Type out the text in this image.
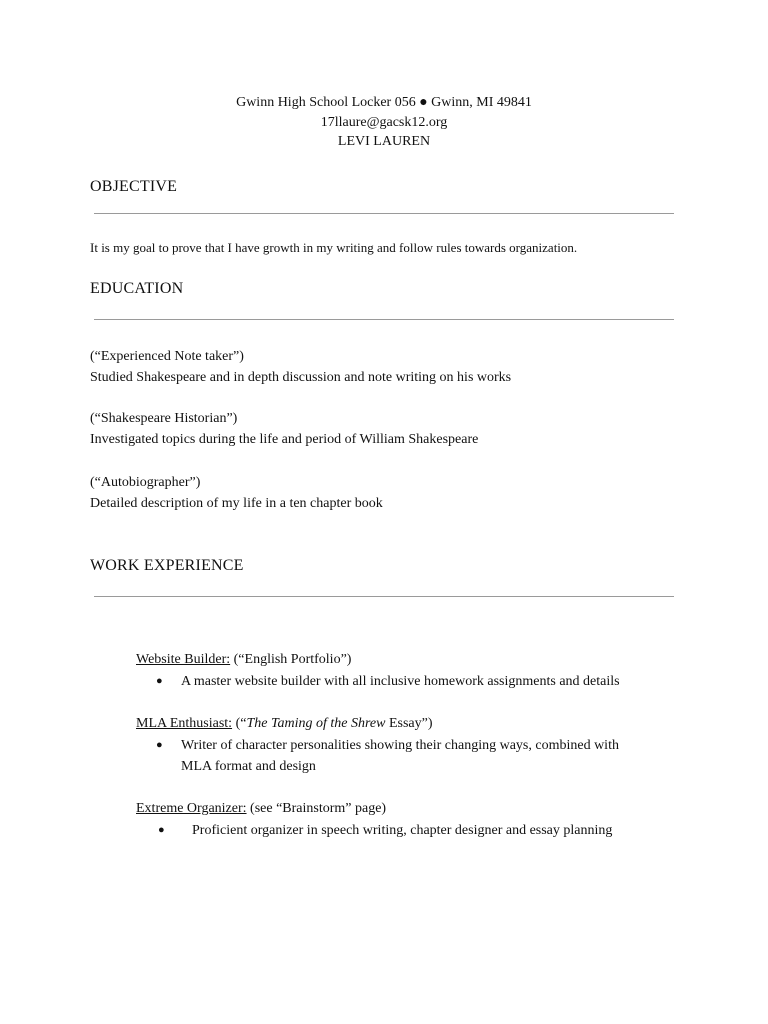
Gwinn High School Locker 056 ● Gwinn, MI 49841
17llaure@gacsk12.org
LEVI LAUREN
OBJECTIVE
It is my goal to prove that I have growth in my writing and follow rules towards organization.
EDUCATION
(“Experienced Note taker”)
Studied Shakespeare and in depth discussion and note writing on his works
(“Shakespeare Historian”)
Investigated topics during the life and period of William Shakespeare
(“Autobiographer”)
Detailed description of my life in a ten chapter book
WORK EXPERIENCE
Website Builder: (“English Portfolio”)
● A master website builder with all inclusive homework assignments and details
MLA Enthusiast: (“The Taming of the Shrew Essay”)
● Writer of character personalities showing their changing ways, combined with
MLA format and design
Extreme Organizer: (see “Brainstorm” page)
● Proficient organizer in speech writing, chapter designer and essay planning
